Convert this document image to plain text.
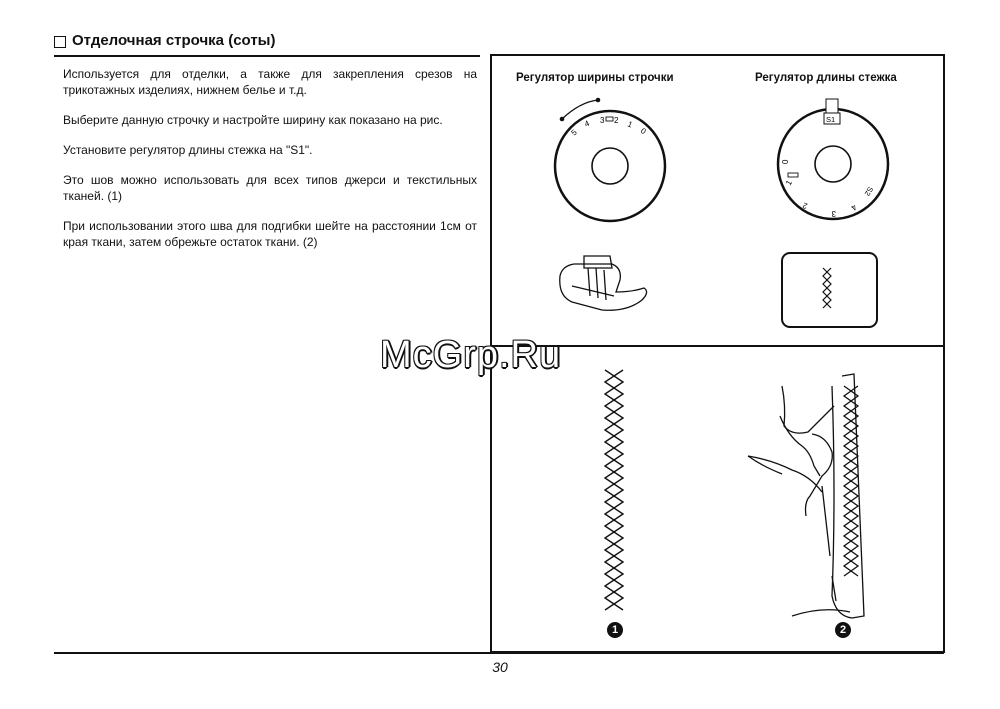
Отделочная строчка (соты)

Используется для отделки, а также для закрепления срезов на трикотажных изделиях, нижнем белье и т.д.

Выберите данную строчку и настройте ширину как показано на рис.

Установите регулятор длины стежка на "S1".

Это шов можно использовать для всех типов джерси и текстильных тканей. (1)

При использовании этого шва для подгибки шейте на расстоянии 1см от края ткани, затем обрежьте остаток ткани. (2)

Регулятор ширины строчки	Регулятор длины стежка
5
4 3 2 1
0
S1
0
1
2
3
4
S2
1	2
McGrp.Ru
30
